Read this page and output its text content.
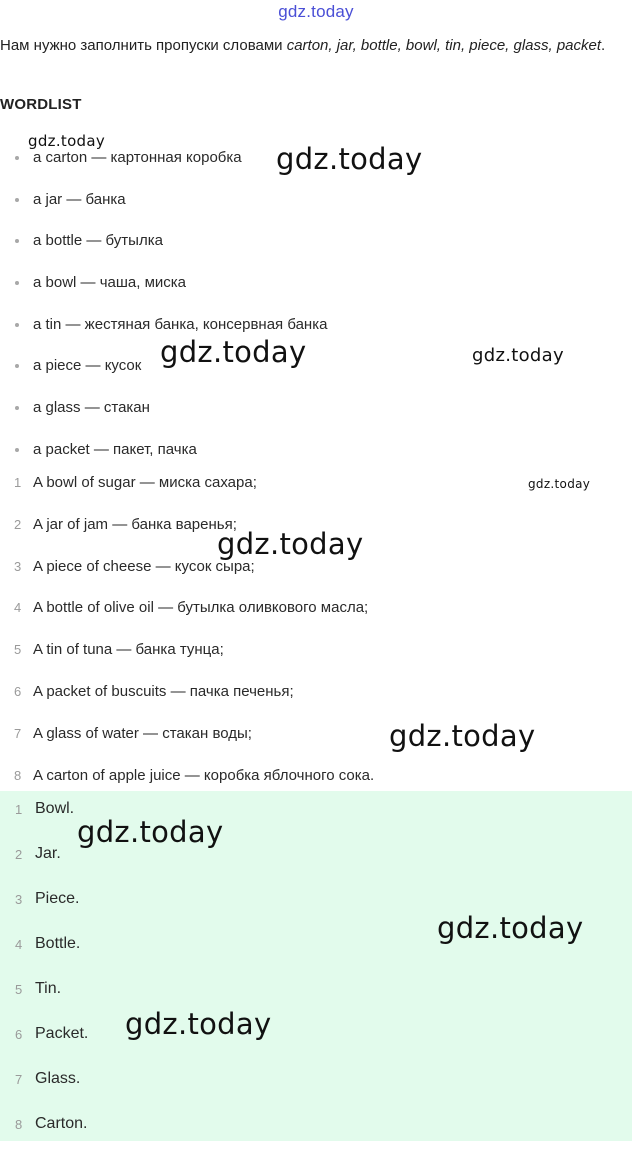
gdz.today
Нам нужно заполнить пропуски словами carton, jar, bottle, bowl, tin, piece, glass, packet.
WORDLIST
a carton — картонная коробка
a jar — банка
a bottle — бутылка
a bowl — чаша, миска
a tin — жестяная банка, консервная банка
a piece — кусок
a glass — стакан
a packet — пакет, пачка
1 A bowl of sugar — миска сахара;
2 A jar of jam — банка варенья;
3 A piece of cheese — кусок сыра;
4 A bottle of olive oil — бутылка оливкового масла;
5 A tin of tuna — банка тунца;
6 A packet of buscuits — пачка печенья;
7 A glass of water — стакан воды;
8 A carton of apple juice — коробка яблочного сока.
1 Bowl.
2 Jar.
3 Piece.
4 Bottle.
5 Tin.
6 Packet.
7 Glass.
8 Carton.
gdz.today
gdz.today
gdz.today	gdz.today
gdz.today
gdz.today
gdz.today
gdz.today
gdz.today
gdz.today
